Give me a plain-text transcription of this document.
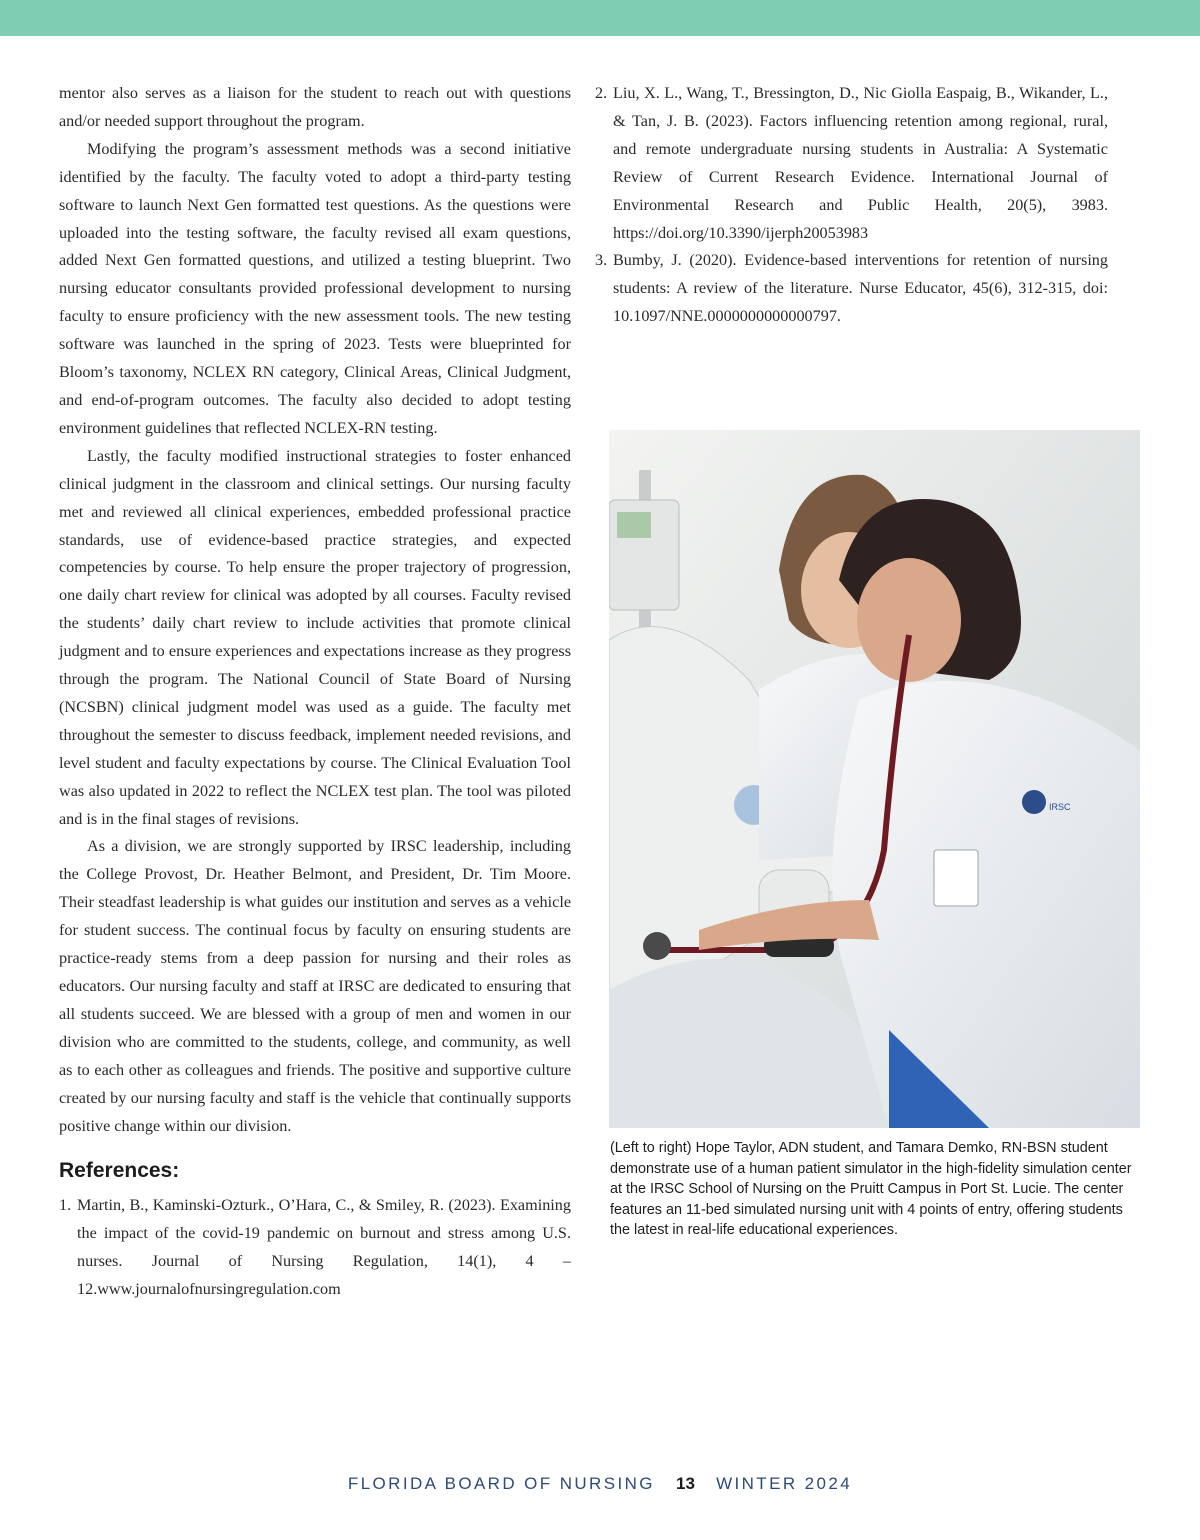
mentor also serves as a liaison for the student to reach out with questions and/or needed support throughout the program.

Modifying the program’s assessment methods was a second initiative identified by the faculty. The faculty voted to adopt a third-party testing software to launch Next Gen formatted test questions. As the questions were uploaded into the testing software, the faculty revised all exam questions, added Next Gen formatted questions, and utilized a testing blueprint. Two nursing educator consultants provided professional development to nursing faculty to ensure proficiency with the new assessment tools. The new testing software was launched in the spring of 2023. Tests were blueprinted for Bloom’s taxonomy, NCLEX RN category, Clinical Areas, Clinical Judgment, and end-of-program outcomes. The faculty also decided to adopt testing environment guidelines that reflected NCLEX-RN testing.

Lastly, the faculty modified instructional strategies to foster enhanced clinical judgment in the classroom and clinical settings. Our nursing faculty met and reviewed all clinical experiences, embedded professional practice standards, use of evidence-based practice strategies, and expected competencies by course. To help ensure the proper trajectory of progression, one daily chart review for clinical was adopted by all courses. Faculty revised the students’ daily chart review to include activities that promote clinical judgment and to ensure experiences and expectations increase as they progress through the program. The National Council of State Board of Nursing (NCSBN) clinical judgment model was used as a guide. The faculty met throughout the semester to discuss feedback, implement needed revisions, and level student and faculty expectations by course. The Clinical Evaluation Tool was also updated in 2022 to reflect the NCLEX test plan. The tool was piloted and is in the final stages of revisions.

As a division, we are strongly supported by IRSC leadership, including the College Provost, Dr. Heather Belmont, and President, Dr. Tim Moore. Their steadfast leadership is what guides our institution and serves as a vehicle for student success. The continual focus by faculty on ensuring students are practice-ready stems from a deep passion for nursing and their roles as educators. Our nursing faculty and staff at IRSC are dedicated to ensuring that all students succeed. We are blessed with a group of men and women in our division who are committed to the students, college, and community, as well as to each other as colleagues and friends. The positive and supportive culture created by our nursing faculty and staff is the vehicle that continually supports positive change within our division.

References:
1. Martin, B., Kaminski-Ozturk., O’Hara, C., & Smiley, R. (2023). Examining the impact of the covid-19 pandemic on burnout and stress among U.S. nurses. Journal of Nursing Regulation, 14(1), 4 – 12.www.journalofnursingregulation.com
2. Liu, X. L., Wang, T., Bressington, D., Nic Giolla Easpaig, B., Wikander, L., & Tan, J. B. (2023). Factors influencing retention among regional, rural, and remote undergraduate nursing students in Australia: A Systematic Review of Current Research Evidence. International Journal of Environmental Research and Public Health, 20(5), 3983. https://doi.org/10.3390/ijerph20053983
3. Bumby, J. (2020). Evidence-based interventions for retention of nursing students: A review of the literature. Nurse Educator, 45(6), 312-315, doi: 10.1097/NNE.0000000000000797.
IRSC
(Left to right) Hope Taylor, ADN student, and Tamara Demko, RN-BSN student demonstrate use of a human patient simulator in the high-fidelity simulation center at the IRSC School of Nursing on the Pruitt Campus in Port St. Lucie. The center features an 11-bed simulated nursing unit with 4 points of entry, offering students the latest in real-life educational experiences.
FLORIDA BOARD OF NURSING 13 WINTER 2024
